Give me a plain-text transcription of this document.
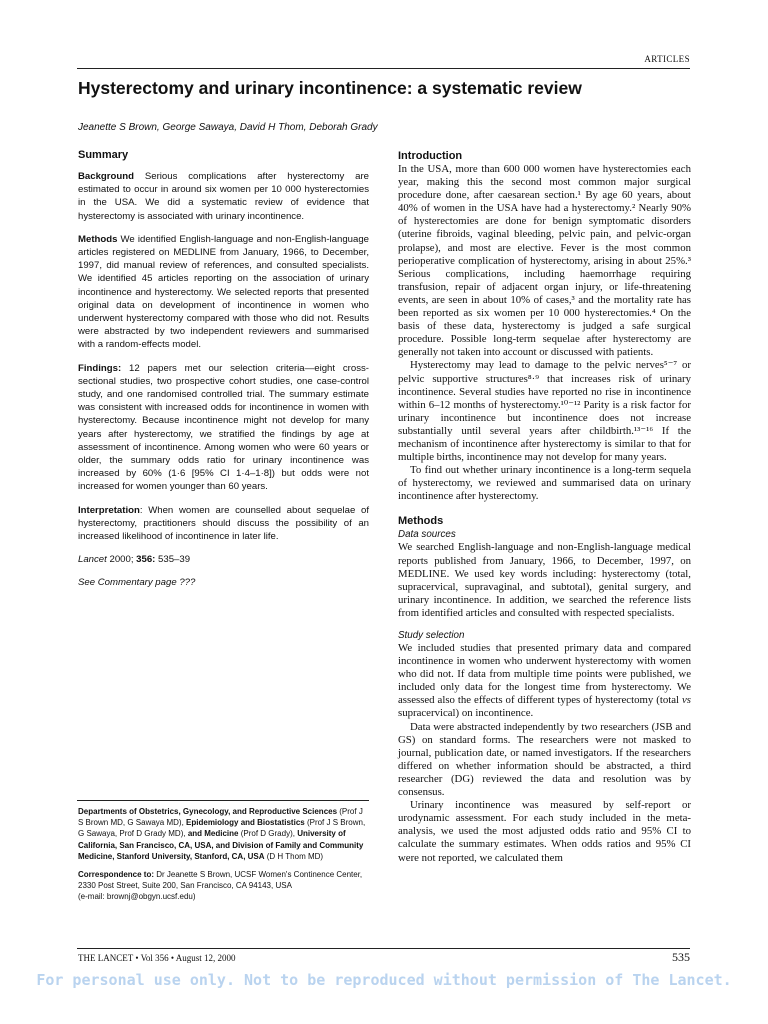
ARTICLES
Hysterectomy and urinary incontinence: a systematic review

Jeanette S Brown, George Sawaya, David H Thom, Deborah Grady

Summary

Background Serious complications after hysterectomy are estimated to occur in around six women per 10 000 hysterectomies in the USA. We did a systematic review of evidence that hysterectomy is associated with urinary incontinence.

Methods We identified English-language and non-English-language articles registered on MEDLINE from January, 1966, to December, 1997, did manual review of references, and consulted specialists. We identified 45 articles reporting on the association of urinary incontinence and hysterectomy. We selected reports that presented original data on development of incontinence in women who underwent hysterectomy compared with those who did not. Results were abstracted by two independent reviewers and summarised with a random-effects model.

Findings: 12 papers met our selection criteria—eight cross-sectional studies, two prospective cohort studies, one case-control study, and one randomised controlled trial. The summary estimate was consistent with increased odds for incontinence in women with hysterectomy. Because incontinence might not develop for many years after hysterectomy, we stratified the findings by age at assessment of incontinence. Among women who were 60 years or older, the summary odds ratio for urinary incontinence was increased by 60% (1·6 [95% CI 1·4–1·8]) but odds were not increased for women younger than 60 years.

Interpretation: When women are counselled about sequelae of hysterectomy, practitioners should discuss the possibility of an increased likelihood of incontinence in later life.

Lancet 2000; 356: 535–39

See Commentary page ???

Departments of Obstetrics, Gynecology, and Reproductive Sciences (Prof J S Brown MD, G Sawaya MD), Epidemiology and Biostatistics (Prof J S Brown, G Sawaya, Prof D Grady MD), and Medicine (Prof D Grady), University of California, San Francisco, CA, USA, and Division of Family and Community Medicine, Stanford University, Stanford, CA, USA (D H Thom MD)

Correspondence to: Dr Jeanette S Brown, UCSF Women's Continence Center, 2330 Post Street, Suite 200, San Francisco, CA 94143, USA
(e-mail: brownj@obgyn.ucsf.edu)

Introduction

In the USA, more than 600 000 women have hysterectomies each year, making this the second most common major surgical procedure done, after caesarean section.¹ By age 60 years, about 40% of women in the USA have had a hysterectomy.² Nearly 90% of hysterectomies are done for benign symptomatic disorders (uterine fibroids, vaginal bleeding, pelvic pain, and pelvic-organ prolapse), and most are elective. Fever is the most common perioperative complication of hysterectomy, arising in about 25%.³ Serious complications, including haemorrhage requiring transfusion, repair of adjacent organ injury, or life-threatening events, are seen in about 10% of cases,³ and the mortality rate has been reported as six women per 10 000 hysterectomies.⁴ On the basis of these data, hysterectomy is judged a safe surgical procedure. Possible long-term sequelae after hysterectomy are generally not taken into account or discussed with patients.

Hysterectomy may lead to damage to the pelvic nerves⁵⁻⁷ or pelvic supportive structures⁸·⁹ that increases risk of urinary incontinence. Several studies have reported no rise in incontinence within 6–12 months of hysterectomy.¹⁰⁻¹² Parity is a risk factor for urinary incontinence but incontinence does not increase substantially until several years after childbirth.¹³⁻¹⁶ If the mechanism of incontinence after hysterectomy is similar to that for multiple births, incontinence may not develop for many years.

To find out whether urinary incontinence is a long-term sequela of hysterectomy, we reviewed and summarised data on urinary incontinence after hysterectomy.

Methods

Data sources

We searched English-language and non-English-language medical reports published from January, 1966, to December, 1997, on MEDLINE. We used key words including: hysterectomy (total, supracervical, supravaginal, and subtotal), genital surgery, and urinary incontinence. In addition, we searched the reference lists from identified articles and consulted with respected specialists.

Study selection

We included studies that presented primary data and compared incontinence in women who underwent hysterectomy with women who did not. If data from multiple time points were published, we included only data for the longest time from hysterectomy. We assessed also the effects of different types of hysterectomy (total vs supracervical) on incontinence.

Data were abstracted independently by two researchers (JSB and GS) on standard forms. The researchers were not masked to journal, publication date, or named investigators. If the researchers differed on whether information should be abstracted, a third researcher (DG) reviewed the data and resolution was by consensus.

Urinary incontinence was measured by self-report or urodynamic assessment. For each study included in the meta-analysis, we used the most adjusted odds ratio and 95% CI to calculate the summary estimates. When odds ratios and 95% CI were not reported, we calculated them

THE LANCET • Vol 356 • August 12, 2000	535
For personal use only. Not to be reproduced without permission of The Lancet.
